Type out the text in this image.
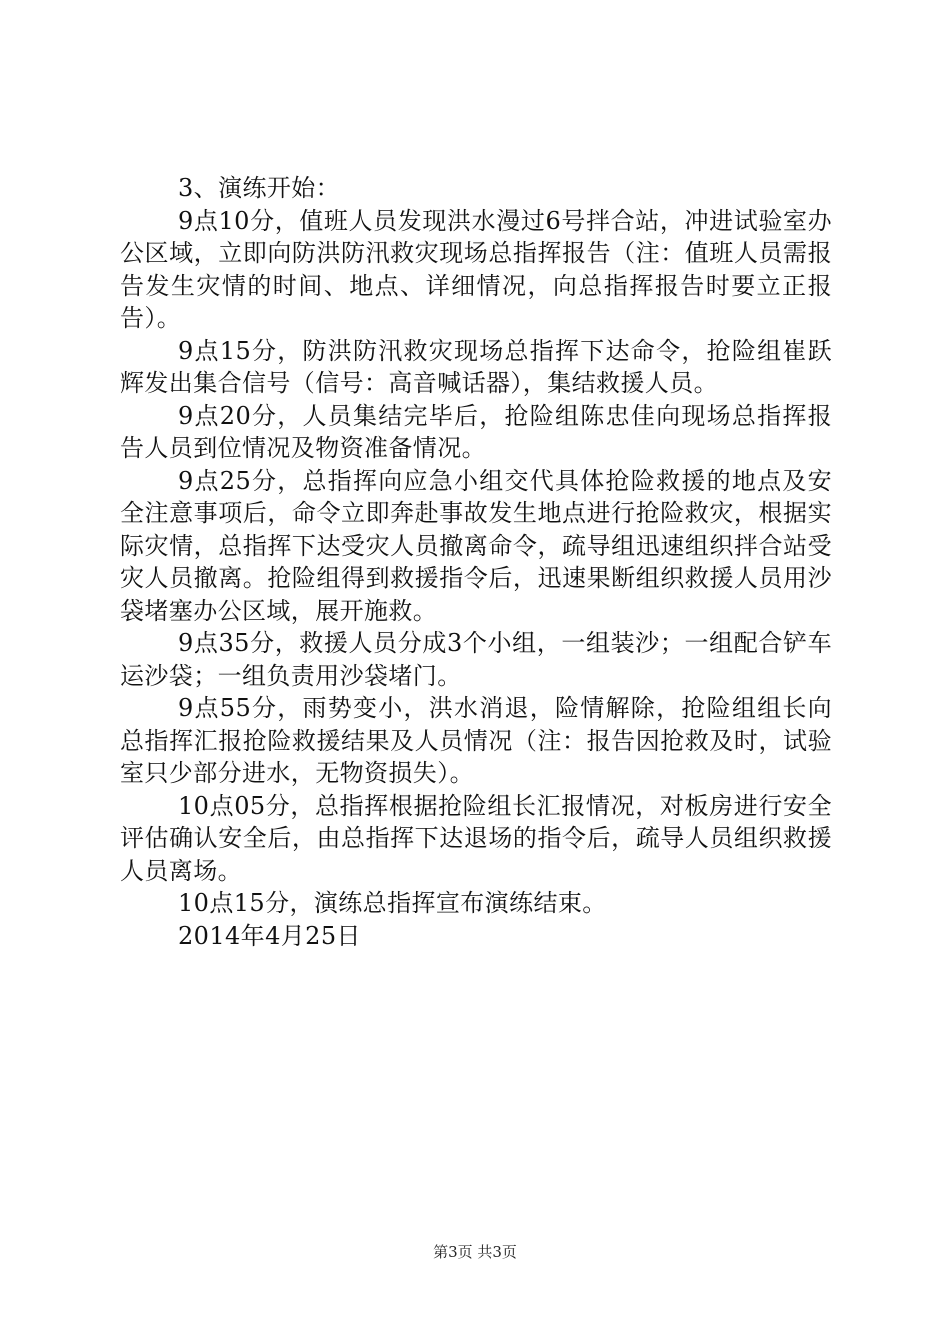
3、演练开始：

9点10分，值班人员发现洪水漫过6号拌合站，冲进试验室办公区域，立即向防洪防汛救灾现场总指挥报告（注：值班人员需报告发生灾情的时间、地点、详细情况，向总指挥报告时要立正报告）。

9点15分，防洪防汛救灾现场总指挥下达命令，抢险组崔跃辉发出集合信号（信号：高音喊话器），集结救援人员。

9点20分，人员集结完毕后，抢险组陈忠佳向现场总指挥报告人员到位情况及物资准备情况。

9点25分，总指挥向应急小组交代具体抢险救援的地点及安全注意事项后，命令立即奔赴事故发生地点进行抢险救灾，根据实际灾情，总指挥下达受灾人员撤离命令，疏导组迅速组织拌合站受灾人员撤离。抢险组得到救援指令后，迅速果断组织救援人员用沙袋堵塞办公区域，展开施救。

9点35分，救援人员分成3个小组，一组装沙；一组配合铲车运沙袋；一组负责用沙袋堵门。

9点55分，雨势变小，洪水消退，险情解除，抢险组组长向总指挥汇报抢险救援结果及人员情况（注：报告因抢救及时，试验室只少部分进水，无物资损失）。

10点05分，总指挥根据抢险组长汇报情况，对板房进行安全评估确认安全后，由总指挥下达退场的指令后，疏导人员组织救援人员离场。

10点15分，演练总指挥宣布演练结束。

2014年4月25日

第3页 共3页
